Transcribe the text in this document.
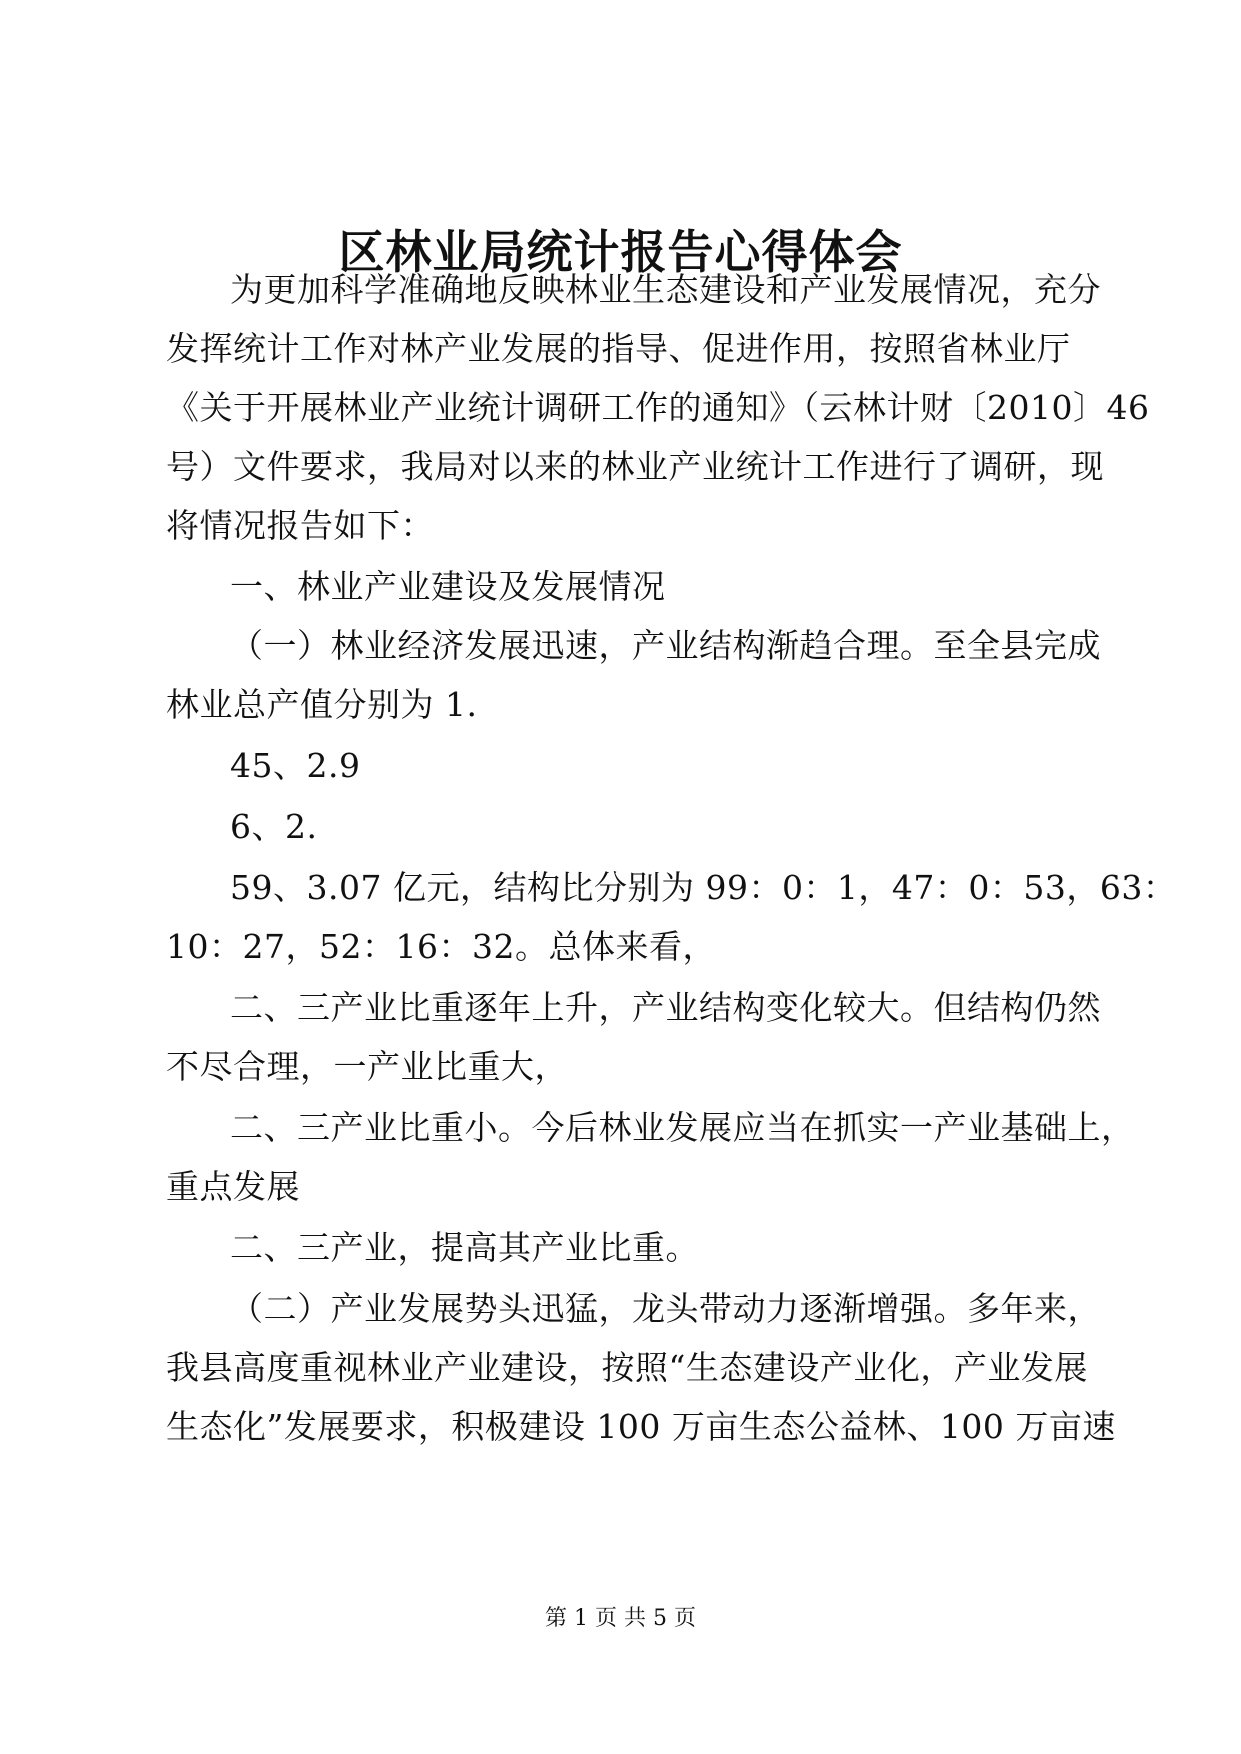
区林业局统计报告心得体会
为更加科学准确地反映林业生态建设和产业发展情况，充分
发挥统计工作对林产业发展的指导、促进作用，按照省林业厅
《关于开展林业产业统计调研工作的通知》（云林计财〔2010〕46
号）文件要求，我局对以来的林业产业统计工作进行了调研，现
将情况报告如下：
一、林业产业建设及发展情况
（一）林业经济发展迅速，产业结构渐趋合理。至全县完成
林业总产值分别为 1.
45、2.9
6、2.
59、3.07 亿元，结构比分别为 99：0：1，47：0：53，63：
10：27，52：16：32。总体来看，
二、三产业比重逐年上升，产业结构变化较大。但结构仍然
不尽合理，一产业比重大，
二、三产业比重小。今后林业发展应当在抓实一产业基础上，
重点发展
二、三产业，提高其产业比重。
（二）产业发展势头迅猛，龙头带动力逐渐增强。多年来，
我县高度重视林业产业建设，按照“生态建设产业化，产业发展
生态化”发展要求，积极建设 100 万亩生态公益林、100 万亩速
第 1 页 共 5 页
